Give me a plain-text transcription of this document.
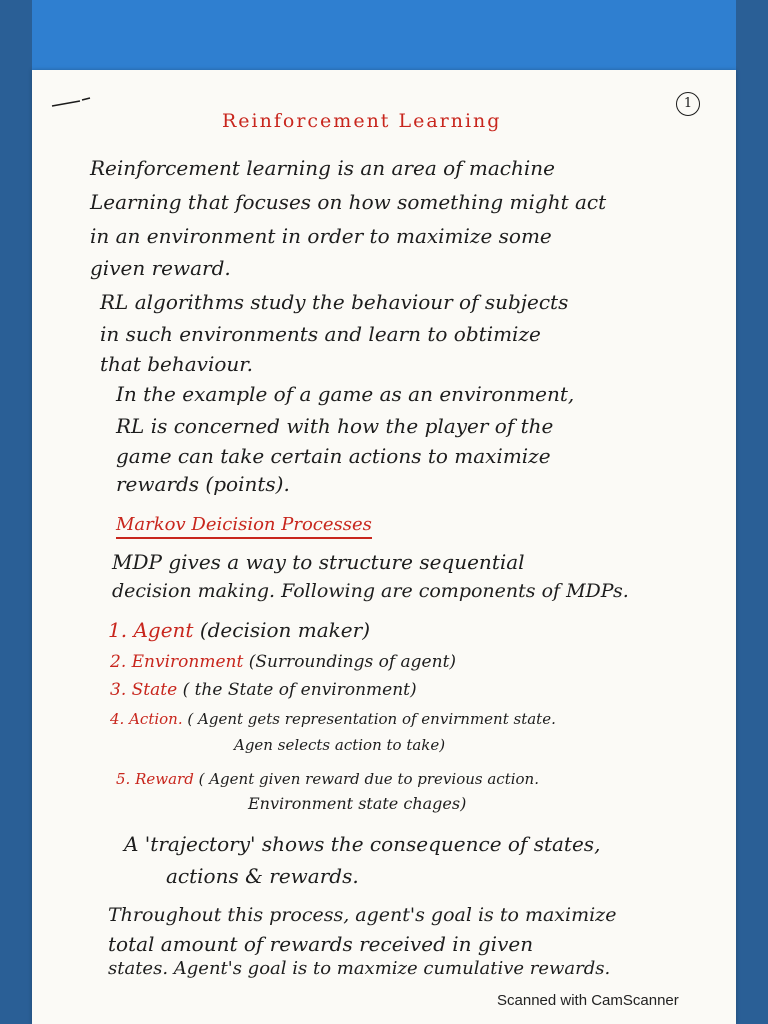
1
Reinforcement Learning
Reinforcement learning is an area of machine
Learning that focuses on how something might act
in an environment in order to maximize some
given reward.
RL algorithms study the behaviour of subjects
in such environments and learn to obtimize
that behaviour.
In the example of a game as an environment,
RL is concerned with how the player of the
game can take certain actions to maximize
rewards (points).
Markov Deicision Processes
MDP gives a way to structure sequential
decision making. Following are components of MDPs.
1. Agent (decision maker)
2. Environment (Surroundings of agent)
3. State ( the State of environment)
4. Action. ( Agent gets representation of envirnment state.
Agen selects action to take)
5. Reward ( Agent given reward due to previous action.
Environment state chages)
A 'trajectory' shows the consequence of states,
actions & rewards.
Throughout this process, agent's goal is to maximize
total amount of rewards received in given
states. Agent's goal is to maxmize cumulative rewards.
Scanned with CamScanner
